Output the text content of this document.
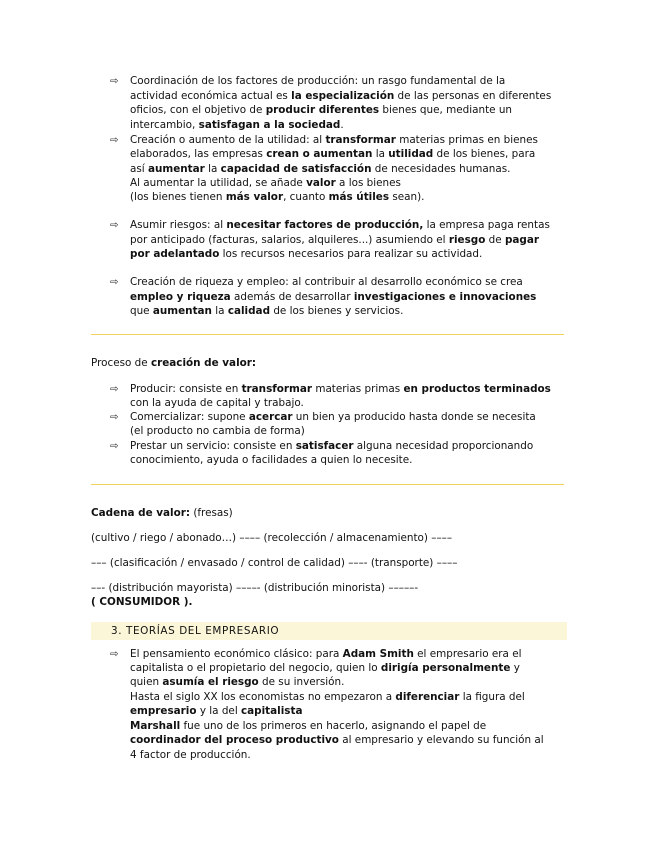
⇨ Coordinación de los factores de producción: un rasgo fundamental de la
actividad económica actual es la especialización de las personas en diferentes
oficios, con el objetivo de producir diferentes bienes que, mediante un
intercambio, satisfagan a la sociedad.
⇨ Creación o aumento de la utilidad: al transformar materias primas en bienes
elaborados, las empresas crean o aumentan la utilidad de los bienes, para
así aumentar la capacidad de satisfacción de necesidades humanas.
Al aumentar la utilidad, se añade valor a los bienes
(los bienes tienen más valor, cuanto más útiles sean).
⇨ Asumir riesgos: al necesitar factores de producción, la empresa paga rentas
por anticipado (facturas, salarios, alquileres...) asumiendo el riesgo de pagar
por adelantado los recursos necesarios para realizar su actividad.
⇨ Creación de riqueza y empleo: al contribuir al desarrollo económico se crea
empleo y riqueza además de desarrollar investigaciones e innovaciones
que aumentan la calidad de los bienes y servicios.
Proceso de creación de valor:
⇨ Producir: consiste en transformar materias primas en productos terminados
con la ayuda de capital y trabajo.
⇨ Comercializar: supone acercar un bien ya producido hasta donde se necesita
(el producto no cambia de forma)
⇨ Prestar un servicio: consiste en satisfacer alguna necesidad proporcionando
conocimiento, ayuda o facilidades a quien lo necesite.
Cadena de valor: (fresas)
(cultivo / riego / abonado…) –––– (recolección / almacenamiento) ––––
––– (clasificación / envasado / control de calidad) –––- (transporte) ––––
––- (distribución mayorista) ––––- (distribución minorista) –––––-
( CONSUMIDOR ).
3. TEORÍAS DEL EMPRESARIO
⇨ El pensamiento económico clásico: para Adam Smith el empresario era el
capitalista o el propietario del negocio, quien lo dirigía personalmente y
quien asumía el riesgo de su inversión.
Hasta el siglo XX los economistas no empezaron a diferenciar la figura del
empresario y la del capitalista
Marshall fue uno de los primeros en hacerlo, asignando el papel de
coordinador del proceso productivo al empresario y elevando su función al
4 factor de producción.
